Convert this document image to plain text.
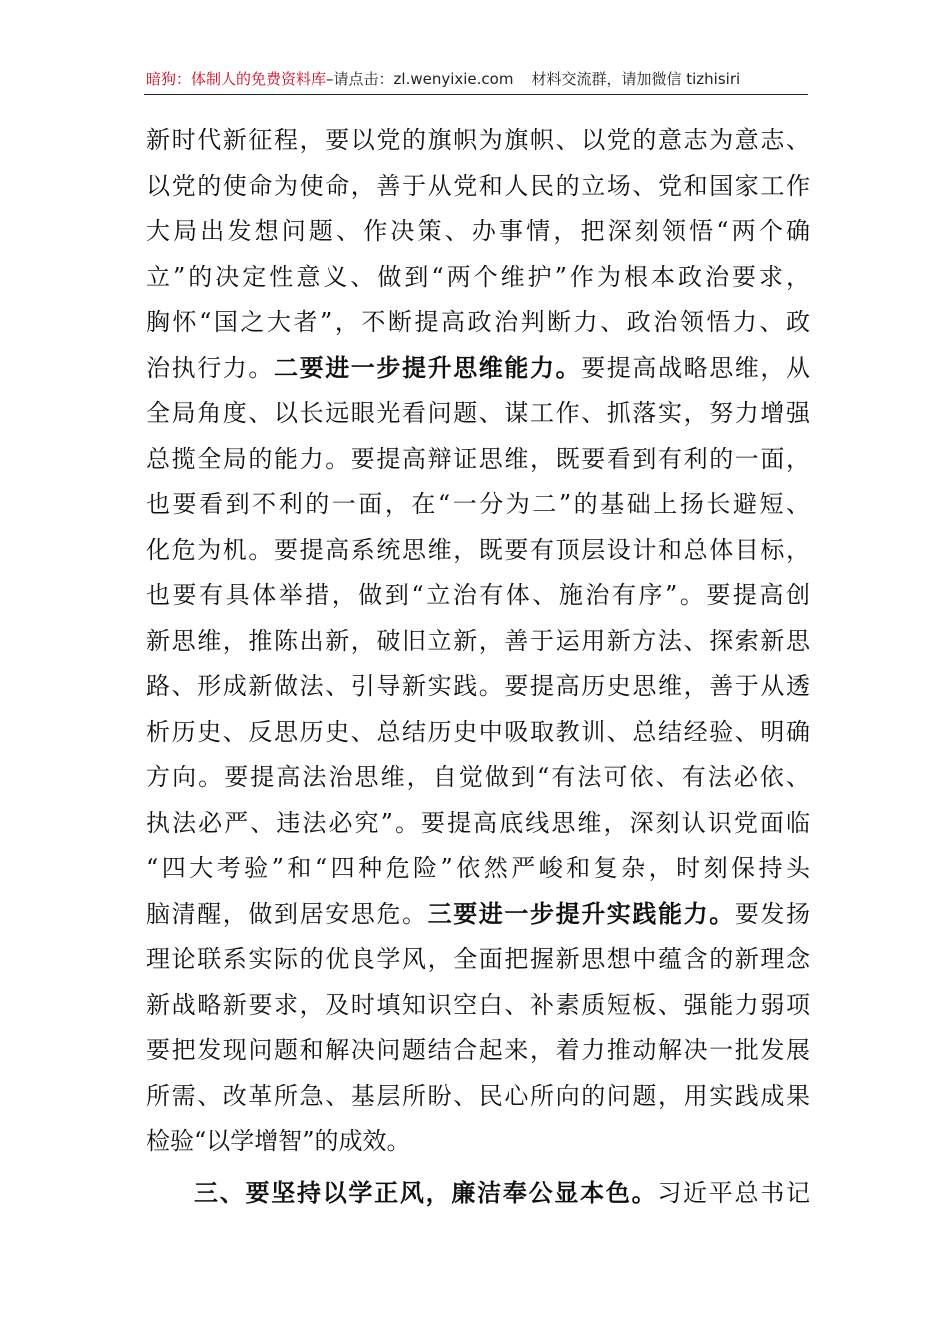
暗狗：体制人的免费资料库–请点击：zl.wenyixie.com 材料交流群，请加微信 tizhisiri
新时代新征程，要以党的旗帜为旗帜、以党的意志为意志、
以党的使命为使命，善于从党和人民的立场、党和国家工作
大局出发想问题、作决策、办事情，把深刻领悟“两个确
立”的决定性意义、做到“两个维护”作为根本政治要求，
胸怀“国之大者”，不断提高政治判断力、政治领悟力、政
治执行力。二要进一步提升思维能力。要提高战略思维，从
全局角度、以长远眼光看问题、谋工作、抓落实，努力增强
总揽全局的能力。要提高辩证思维，既要看到有利的一面，
也要看到不利的一面，在“一分为二”的基础上扬长避短、
化危为机。要提高系统思维，既要有顶层设计和总体目标，
也要有具体举措，做到“立治有体、施治有序”。要提高创
新思维，推陈出新，破旧立新，善于运用新方法、探索新思
路、形成新做法、引导新实践。要提高历史思维，善于从透
析历史、反思历史、总结历史中吸取教训、总结经验、明确
方向。要提高法治思维，自觉做到“有法可依、有法必依、
执法必严、违法必究”。要提高底线思维，深刻认识党面临
“四大考验”和“四种危险”依然严峻和复杂，时刻保持头
脑清醒，做到居安思危。三要进一步提升实践能力。要发扬
理论联系实际的优良学风，全面把握新思想中蕴含的新理念
新战略新要求，及时填知识空白、补素质短板、强能力弱项
要把发现问题和解决问题结合起来，着力推动解决一批发展
所需、改革所急、基层所盼、民心所向的问题，用实践成果
检验“以学增智”的成效。
三、要坚持以学正风，廉洁奉公显本色。习近平总书记
